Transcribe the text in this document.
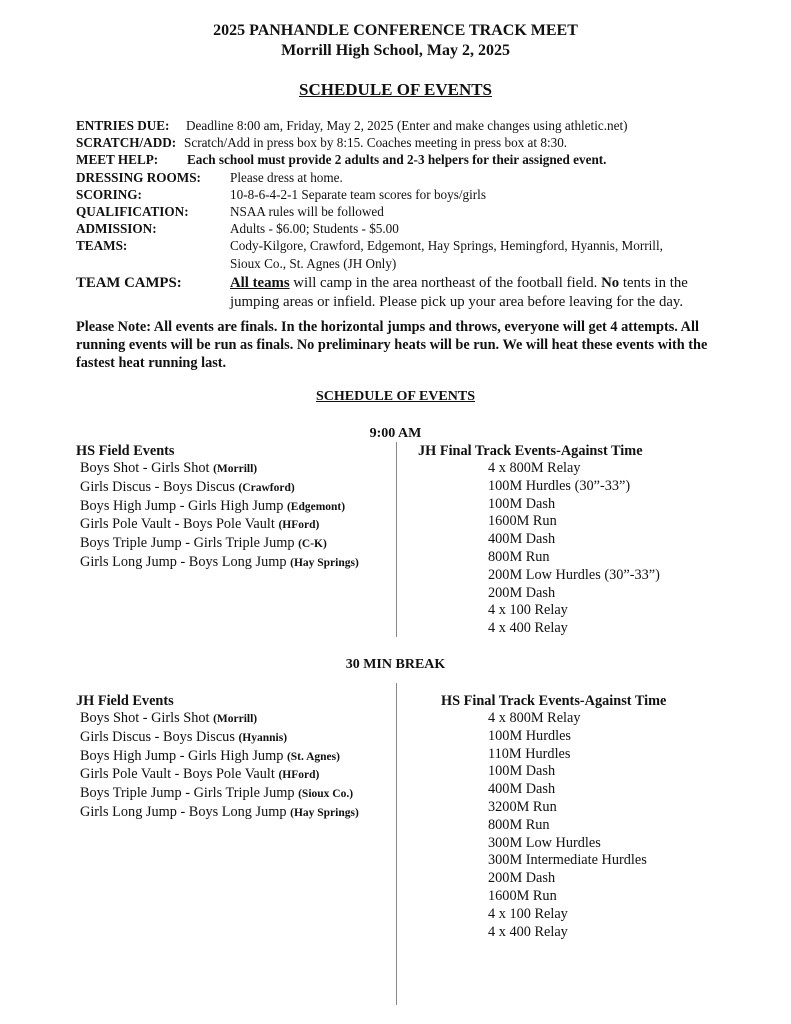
2025 PANHANDLE CONFERENCE TRACK MEET
Morrill High School, May 2, 2025
SCHEDULE OF EVENTS
ENTRIES DUE:	Deadline 8:00 am, Friday, May 2, 2025 (Enter and make changes using athletic.net)
SCRATCH/ADD: Scratch/Add in press box by 8:15. Coaches meeting in press box at 8:30.
MEET HELP:	Each school must provide 2 adults and 2-3 helpers for their assigned event.
DRESSING ROOMS:	Please dress at home.
SCORING:	10-8-6-4-2-1 Separate team scores for boys/girls
QUALIFICATION:	NSAA rules will be followed
ADMISSION:	Adults - $6.00; Students - $5.00
TEAMS:	Cody-Kilgore, Crawford, Edgemont, Hay Springs, Hemingford, Hyannis, Morrill,
Sioux Co., St. Agnes (JH Only)
TEAM CAMPS:	All teams will camp in the area northeast of the football field. No tents in the jumping areas or infield. Please pick up your area before leaving for the day.
Please Note: All events are finals. In the horizontal jumps and throws, everyone will get 4 attempts. All running events will be run as finals. No preliminary heats will be run. We will heat these events with the fastest heat running last.
SCHEDULE OF EVENTS
9:00 AM
HS Field Events
Boys Shot - Girls Shot (Morrill)
Girls Discus - Boys Discus (Crawford)
Boys High Jump - Girls High Jump (Edgemont)
Girls Pole Vault - Boys Pole Vault (HFord)
Boys Triple Jump - Girls Triple Jump (C-K)
Girls Long Jump - Boys Long Jump (Hay Springs)
JH Final Track Events-Against Time
4 x 800M Relay
100M Hurdles (30”-33”)
100M Dash
1600M Run
400M Dash
800M Run
200M Low Hurdles (30”-33”)
200M Dash
4 x 100 Relay
4 x 400 Relay
30 MIN BREAK
JH Field Events
Boys Shot - Girls Shot (Morrill)
Girls Discus - Boys Discus (Hyannis)
Boys High Jump - Girls High Jump (St. Agnes)
Girls Pole Vault - Boys Pole Vault (HFord)
Boys Triple Jump - Girls Triple Jump (Sioux Co.)
Girls Long Jump - Boys Long Jump (Hay Springs)
HS Final Track Events-Against Time
4 x 800M Relay
100M Hurdles
110M Hurdles
100M Dash
400M Dash
3200M Run
800M Run
300M Low Hurdles
300M Intermediate Hurdles
200M Dash
1600M Run
4 x 100 Relay
4 x 400 Relay
